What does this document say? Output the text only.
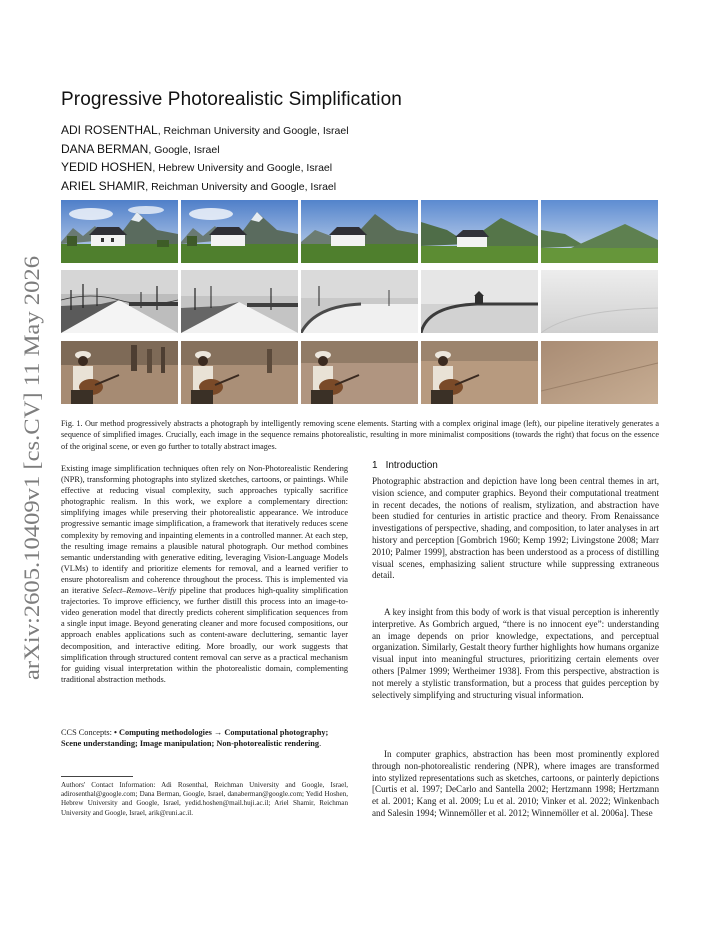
arXiv:2605.10409v1 [cs.CV] 11 May 2026
Progressive Photorealistic Simplification
ADI ROSENTHAL, Reichman University and Google, Israel
DANA BERMAN, Google, Israel
YEDID HOSHEN, Hebrew University and Google, Israel
ARIEL SHAMIR, Reichman University and Google, Israel

Fig. 1. Our method progressively abstracts a photograph by intelligently removing scene elements. Starting with a complex original image (left), our pipeline iteratively generates a sequence of simplified images. Crucially, each image in the sequence remains photorealistic, resulting in more minimalist compositions (towards the right) that focus on the essence of the original scene, or even go further to totally abstract images.

Existing image simplification techniques often rely on Non-Photorealistic Rendering (NPR), transforming photographs into stylized sketches, cartoons, or paintings. While effective at reducing visual complexity, such approaches typically sacrifice photographic realism. In this work, we explore a complementary direction: simplifying images while preserving their photorealistic appearance. We introduce progressive semantic image simplification, a framework that iteratively reduces scene complexity by removing and inpainting elements in a controlled manner. At each step, the resulting image remains a plausible natural photograph. Our method combines semantic understanding with generative editing, leveraging Vision-Language Models (VLMs) to identify and prioritize elements for removal, and a learned verifier to ensure photorealism and coherence throughout the process. This is implemented via an iterative Select–Remove–Verify pipeline that produces high-quality simplification trajectories. To improve efficiency, we further distill this process into an image-to-video generation model that directly predicts coherent simplification sequences from a single input image. Beyond generating cleaner and more focused compositions, our approach enables applications such as content-aware decluttering, semantic layer decomposition, and interactive editing. More broadly, our work suggests that simplification through structured content removal can serve as a practical mechanism for guiding visual interpretation within the photorealistic domain, complementing traditional abstraction methods.

CCS Concepts: • Computing methodologies → Computational photography; Scene understanding; Image manipulation; Non-photorealistic rendering.

Authors' Contact Information: Adi Rosenthal, Reichman University and Google, Israel, adirosenthal@google.com; Dana Berman, Google, Israel, danaberman@google.com; Yedid Hoshen, Hebrew University and Google, Israel, yedid.hoshen@mail.huji.ac.il; Ariel Shamir, Reichman University and Google, Israel, arik@runi.ac.il.

1 Introduction

Photographic abstraction and depiction have long been central themes in art, vision science, and computer graphics. Beyond their computational treatment in recent decades, the notions of realism, stylization, and abstraction have been studied for centuries in artistic practice and theory. From Renaissance investigations of perspective, shading, and composition, to later analyses in art history and perception [Gombrich 1960; Kemp 1992; Livingstone 2008; Marr 2010; Palmer 1999], abstraction has been understood as a process of distilling visual scenes, emphasizing salient structure while suppressing extraneous detail.

A key insight from this body of work is that visual perception is inherently interpretive. As Gombrich argued, “there is no innocent eye”: understanding an image depends on prior knowledge, expectations, and perceptual organization. Similarly, Gestalt theory further highlights how humans organize visual input into meaningful structures, prioritizing certain elements over others [Palmer 1999; Wertheimer 1938]. From this perspective, abstraction is not merely a stylistic transformation, but a process that guides perception by selectively simplifying and structuring visual information.

In computer graphics, abstraction has been most prominently explored through non-photorealistic rendering (NPR), where images are transformed into stylized representations such as sketches, cartoons, or painterly depictions [Curtis et al. 1997; DeCarlo and Santella 2002; Hertzmann 1998; Hertzmann et al. 2001; Kang et al. 2009; Lu et al. 2010; Vinker et al. 2022; Winkenbach and Salesin 1994; Winnemöller et al. 2012; Winnemöller et al. 2006a]. These
